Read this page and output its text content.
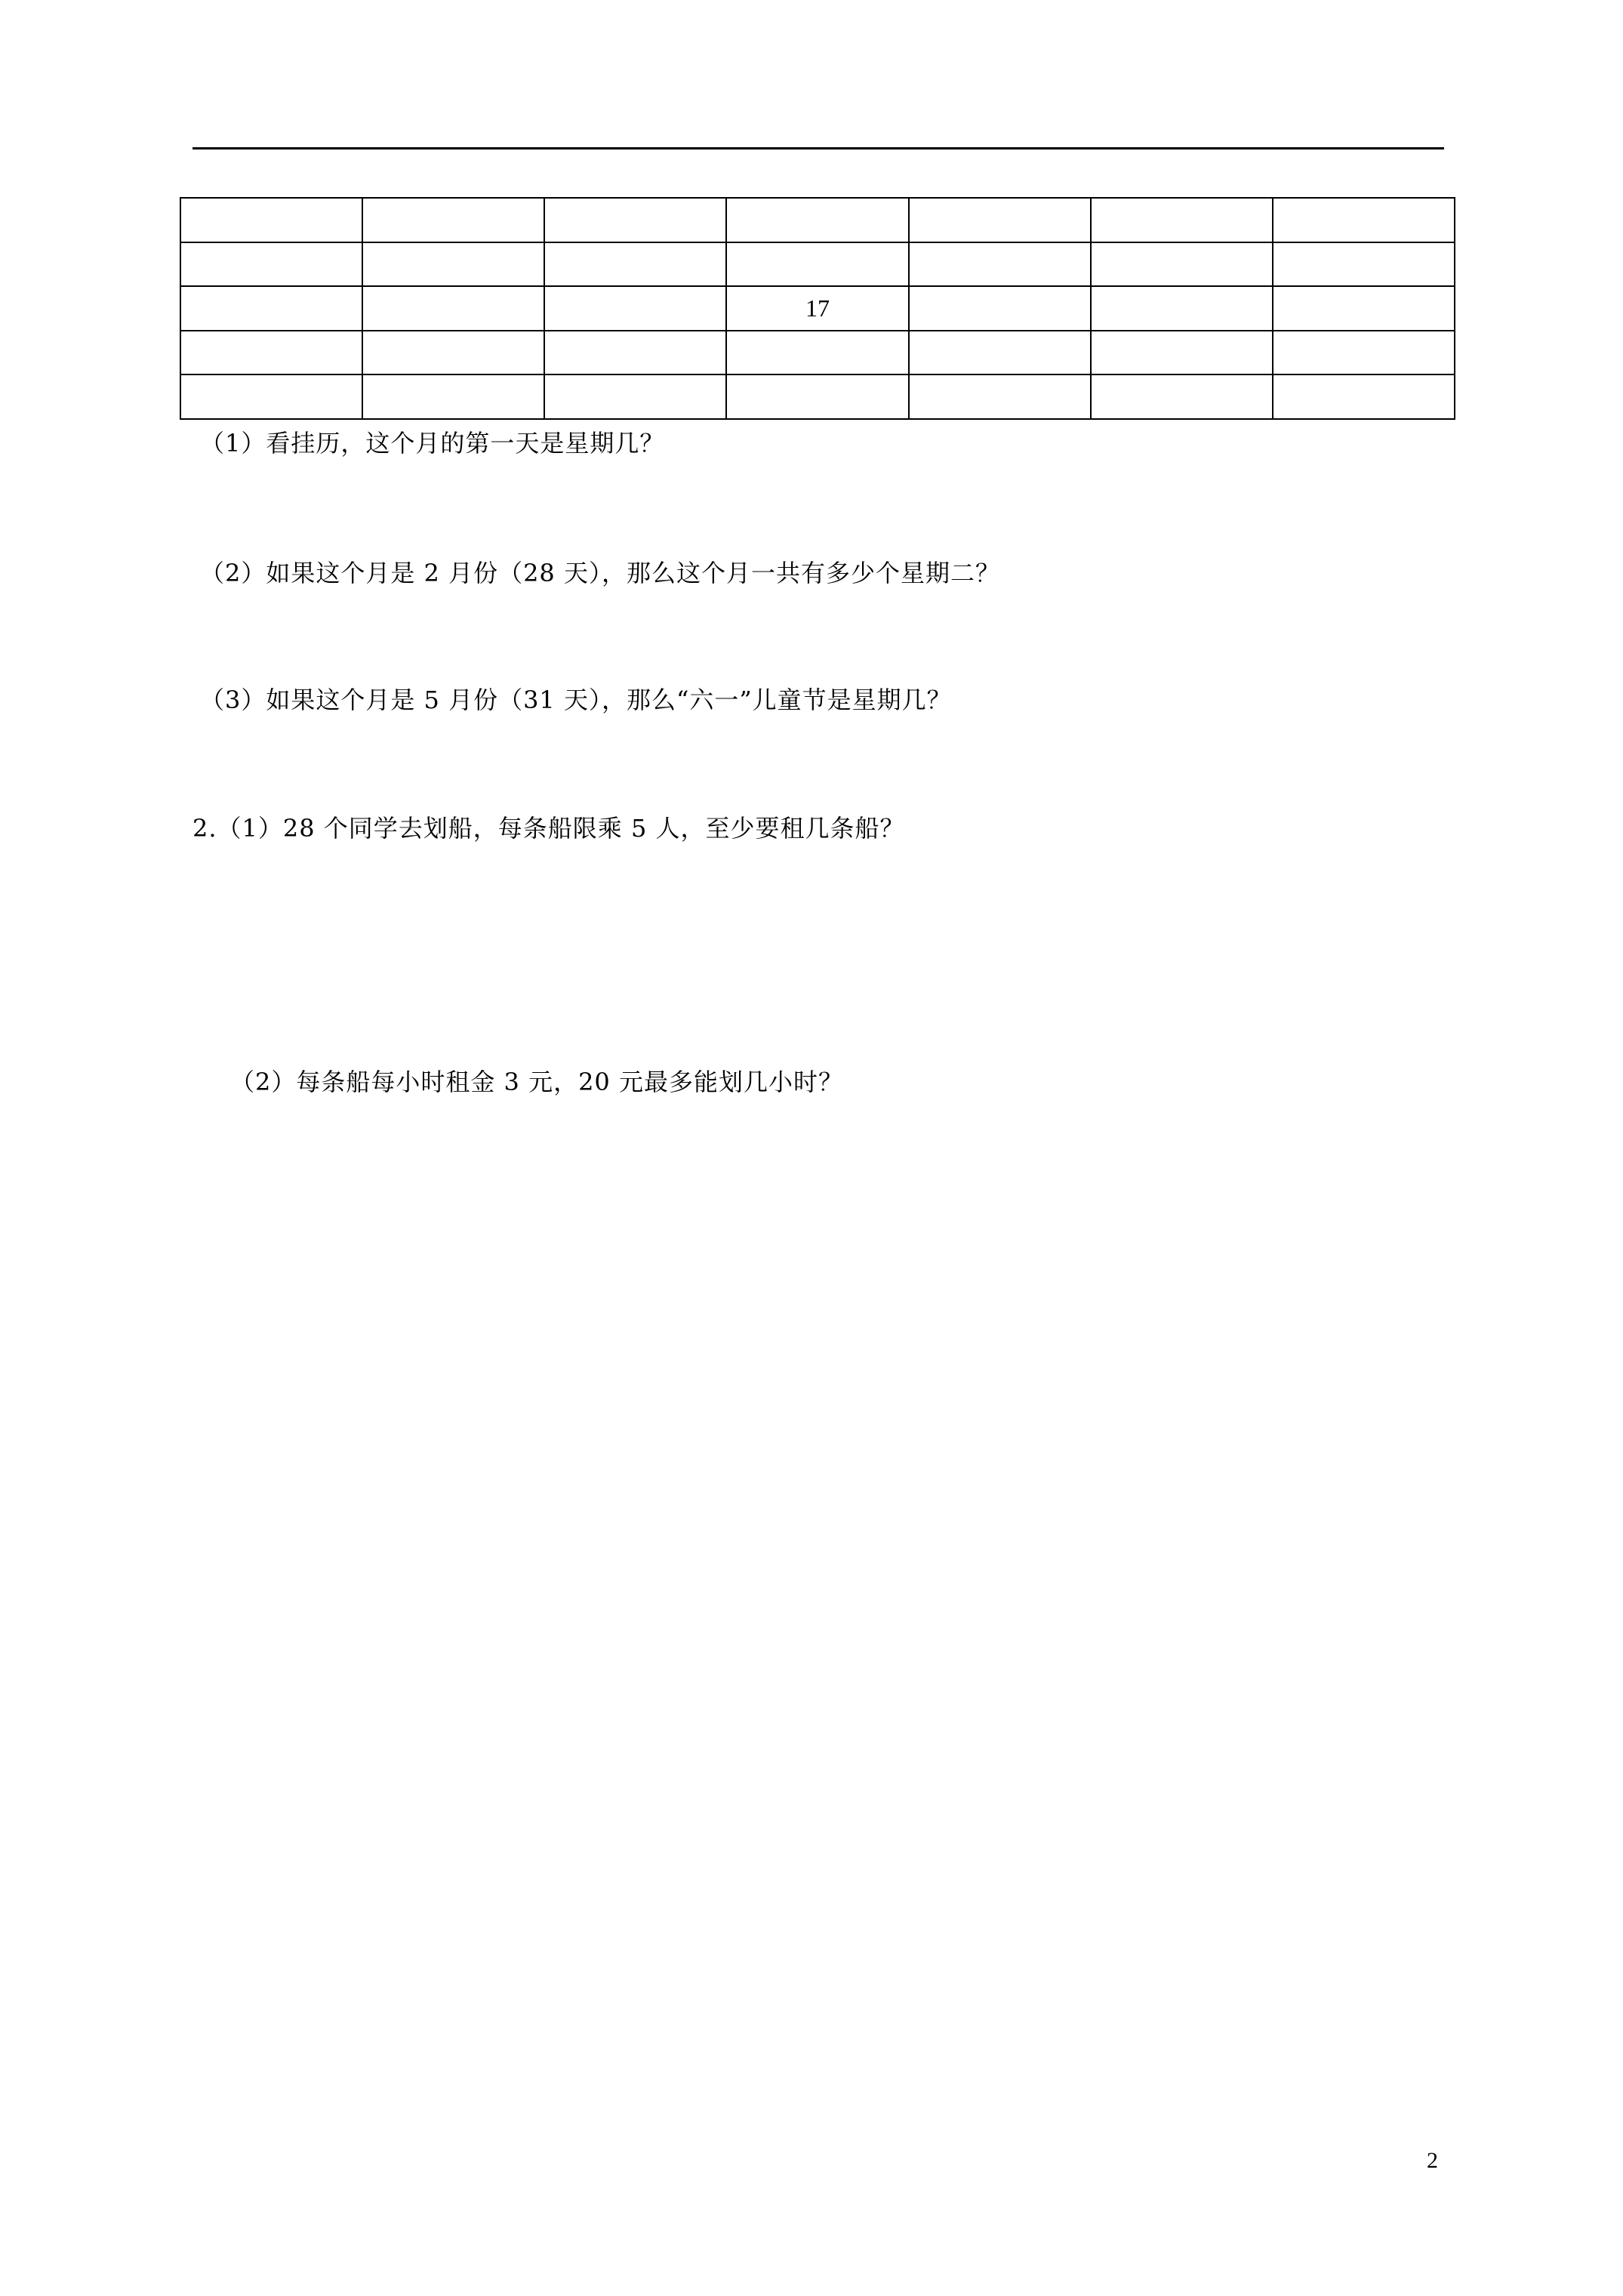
			17			

（1）看挂历，这个月的第一天是星期几？
（2）如果这个月是 2 月份（28 天），那么这个月一共有多少个星期二？
（3）如果这个月是 5 月份（31 天），那么“六一”儿童节是星期几？
2.（1）28 个同学去划船，每条船限乘 5 人，至少要租几条船？
（2）每条船每小时租金 3 元，20 元最多能划几小时？
2
